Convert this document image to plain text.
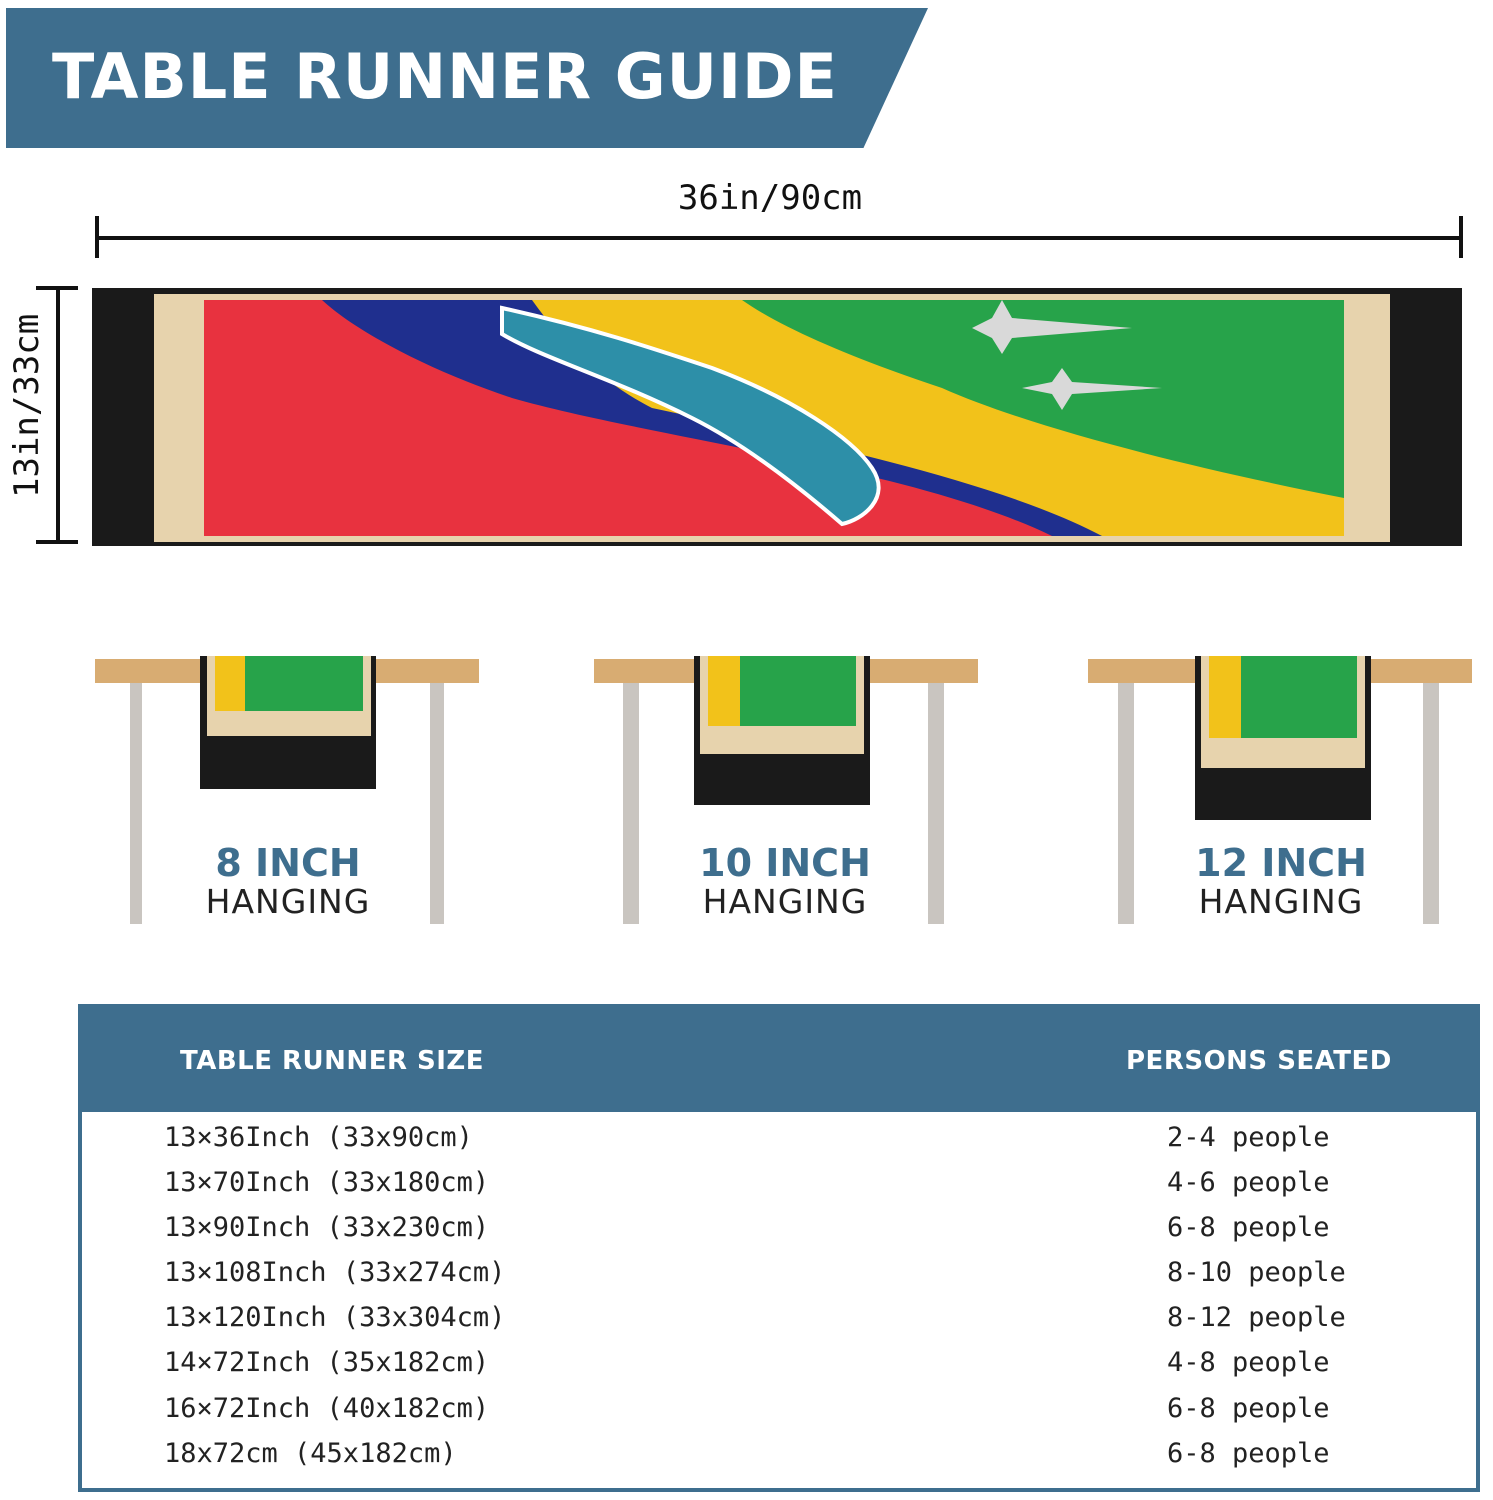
TABLE RUNNER GUIDE
36in/90cm
13in/33cm
8 INCH
HANGING
10 INCH
HANGING
12 INCH
HANGING
TABLE RUNNER SIZE	PERSONS SEATED
13×36Inch (33x90cm)	2-4 people
13×70Inch (33x180cm)	4-6 people
13×90Inch (33x230cm)	6-8 people
13×108Inch (33x274cm)	8-10 people
13×120Inch (33x304cm)	8-12 people
14×72Inch (35x182cm)	4-8 people
16×72Inch (40x182cm)	6-8 people
18x72cm (45x182cm)	6-8 people
